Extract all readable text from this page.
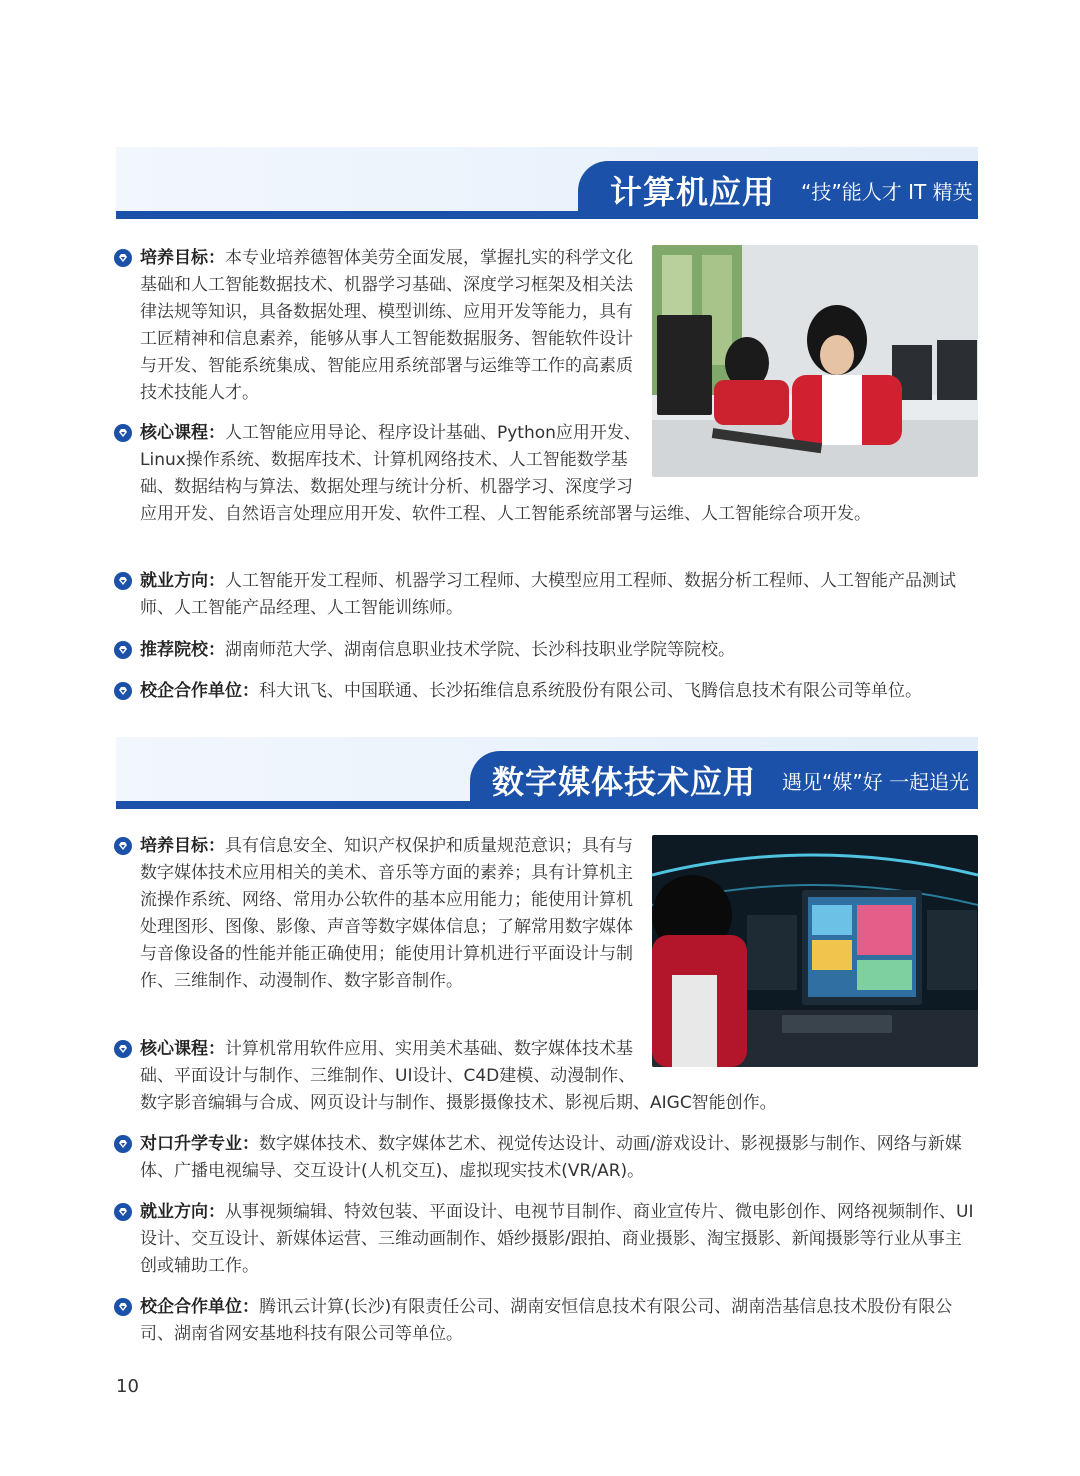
计算机应用 “技”能人才 IT 精英
培养目标：本专业培养德智体美劳全面发展，掌握扎实的科学文化基础和人工智能数据技术、机器学习基础、深度学习框架及相关法律法规等知识，具备数据处理、模型训练、应用开发等能力，具有工匠精神和信息素养，能够从事人工智能数据服务、智能软件设计与开发、智能系统集成、智能应用系统部署与运维等工作的高素质技术技能人才。
核心课程：人工智能应用导论、程序设计基础、Python应用开发、Linux操作系统、数据库技术、计算机网络技术、人工智能数学基础、数据结构与算法、数据处理与统计分析、机器学习、深度学习应用开发、自然语言处理应用开发、软件工程、人工智能系统部署与运维、人工智能综合项开发。
就业方向：人工智能开发工程师、机器学习工程师、大模型应用工程师、数据分析工程师、人工智能产品测试师、人工智能产品经理、人工智能训练师。
推荐院校：湖南师范大学、湖南信息职业技术学院、长沙科技职业学院等院校。
校企合作单位：科大讯飞、中国联通、长沙拓维信息系统股份有限公司、飞腾信息技术有限公司等单位。
数字媒体技术应用 遇见“媒”好 一起追光
培养目标：具有信息安全、知识产权保护和质量规范意识；具有与数字媒体技术应用相关的美术、音乐等方面的素养；具有计算机主流操作系统、网络、常用办公软件的基本应用能力；能使用计算机处理图形、图像、影像、声音等数字媒体信息；了解常用数字媒体与音像设备的性能并能正确使用；能使用计算机进行平面设计与制作、三维制作、动漫制作、数字影音制作。
核心课程：计算机常用软件应用、实用美术基础、数字媒体技术基础、平面设计与制作、三维制作、UI设计、C4D建模、动漫制作、数字影音编辑与合成、网页设计与制作、摄影摄像技术、影视后期、AIGC智能创作。
对口升学专业：数字媒体技术、数字媒体艺术、视觉传达设计、动画/游戏设计、影视摄影与制作、网络与新媒体、广播电视编导、交互设计(人机交互)、虚拟现实技术(VR/AR)。
就业方向：从事视频编辑、特效包装、平面设计、电视节目制作、商业宣传片、微电影创作、网络视频制作、UI设计、交互设计、新媒体运营、三维动画制作、婚纱摄影/跟拍、商业摄影、淘宝摄影、新闻摄影等行业从事主创或辅助工作。
校企合作单位：腾讯云计算(长沙)有限责任公司、湖南安恒信息技术有限公司、湖南浩基信息技术股份有限公司、湖南省网安基地科技有限公司等单位。
10
